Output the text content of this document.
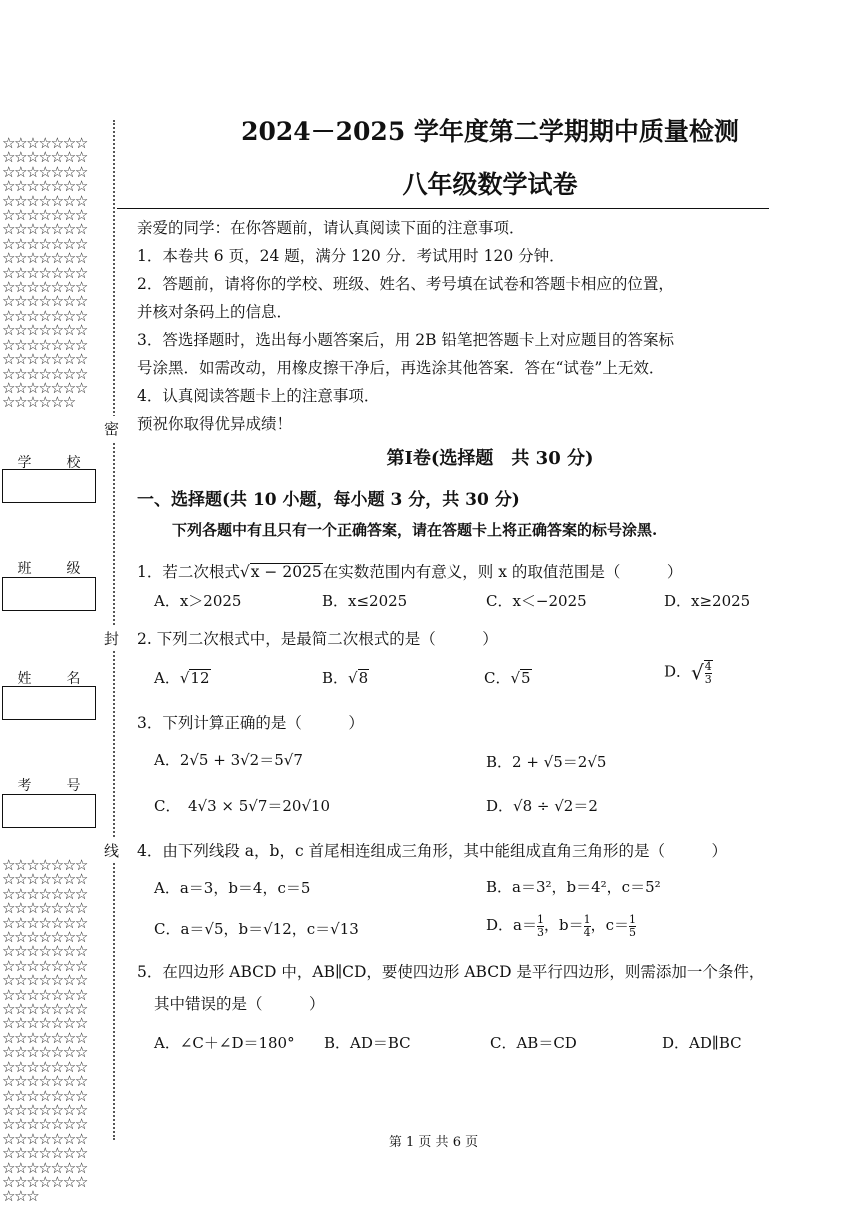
☆☆☆☆☆☆☆☆☆☆☆☆☆☆☆☆☆☆☆☆☆☆☆☆☆☆☆☆☆☆☆☆☆☆☆☆☆☆☆☆☆☆☆☆☆☆☆☆☆☆☆☆☆☆☆☆☆☆☆☆☆☆☆☆☆☆☆☆☆☆☆☆☆☆☆☆☆☆☆☆☆☆☆☆☆☆☆☆☆☆☆☆☆☆☆☆☆☆☆☆☆☆☆☆☆☆☆☆☆☆☆☆☆☆☆☆☆☆☆☆☆☆☆☆☆☆☆☆☆☆☆☆
☆☆☆☆☆☆☆☆☆☆☆☆☆☆☆☆☆☆☆☆☆☆☆☆☆☆☆☆☆☆☆☆☆☆☆☆☆☆☆☆☆☆☆☆☆☆☆☆☆☆☆☆☆☆☆☆☆☆☆☆☆☆☆☆☆☆☆☆☆☆☆☆☆☆☆☆☆☆☆☆☆☆☆☆☆☆☆☆☆☆☆☆☆☆☆☆☆☆☆☆☆☆☆☆☆☆☆☆☆☆☆☆☆☆☆☆☆☆☆☆☆☆☆☆☆☆☆☆☆☆☆☆☆☆☆☆☆☆☆☆☆☆☆☆☆☆☆☆☆☆☆☆☆☆☆☆☆☆☆☆☆☆☆☆
密
封
线
学	校
班	级
姓	名
考	号
2024－2025 学年度第二学期期中质量检测
八年级数学试卷
亲爱的同学：在你答题前，请认真阅读下面的注意事项．
1．本卷共 6 页，24 题，满分 120 分．考试用时 120 分钟．
2．答题前，请将你的学校、班级、姓名、考号填在试卷和答题卡相应的位置，
并核对条码上的信息．
3．答选择题时，选出每小题答案后，用 2B 铅笔把答题卡上对应题目的答案标
号涂黑．如需改动，用橡皮擦干净后，再选涂其他答案．答在“试卷”上无效．
4．认真阅读答题卡上的注意事项．
预祝你取得优异成绩！
第Ⅰ卷(选择题　共 30 分)
一、选择题(共 10 小题，每小题 3 分，共 30 分)
下列各题中有且只有一个正确答案，请在答题卡上将正确答案的标号涂黑.
1．若二次根式√x − 2025在实数范围内有意义，则 x 的取值范围是（　　　）
A．x＞2025	B．x≤2025	C．x＜−2025	D．x≥2025
2. 下列二次根式中，是最简二次根式的是（　　　）
A．√12	B．√8	C．√5	D．√ $\frac{4}{3}$
3．下列计算正确的是（　　　）
A．2√5 + 3√2＝5√7	B．2 + √5＝2√5
C．　4√3 × 5√7＝20√10	D．√8 ÷ √2＝2
4．由下列线段 a，b，c 首尾相连组成三角形，其中能组成直角三角形的是（　　　）
A．a＝3，b＝4，c＝5	B．a＝3²，b＝4²，c＝5²
C．a＝√5，b＝√12，c＝√13	D．$a= \frac{1}{3}$ ，$b= \frac{1}{4}$ ，$c= \frac{1}{5}$
5．在四边形 ABCD 中，AB∥CD，要使四边形 ABCD 是平行四边形，则需添加一个条件，
其中错误的是（　　　）
A．∠C＋∠D＝180° B．AD＝BC	C．AB＝CD	D．AD∥BC
第 1 页 共 6 页
